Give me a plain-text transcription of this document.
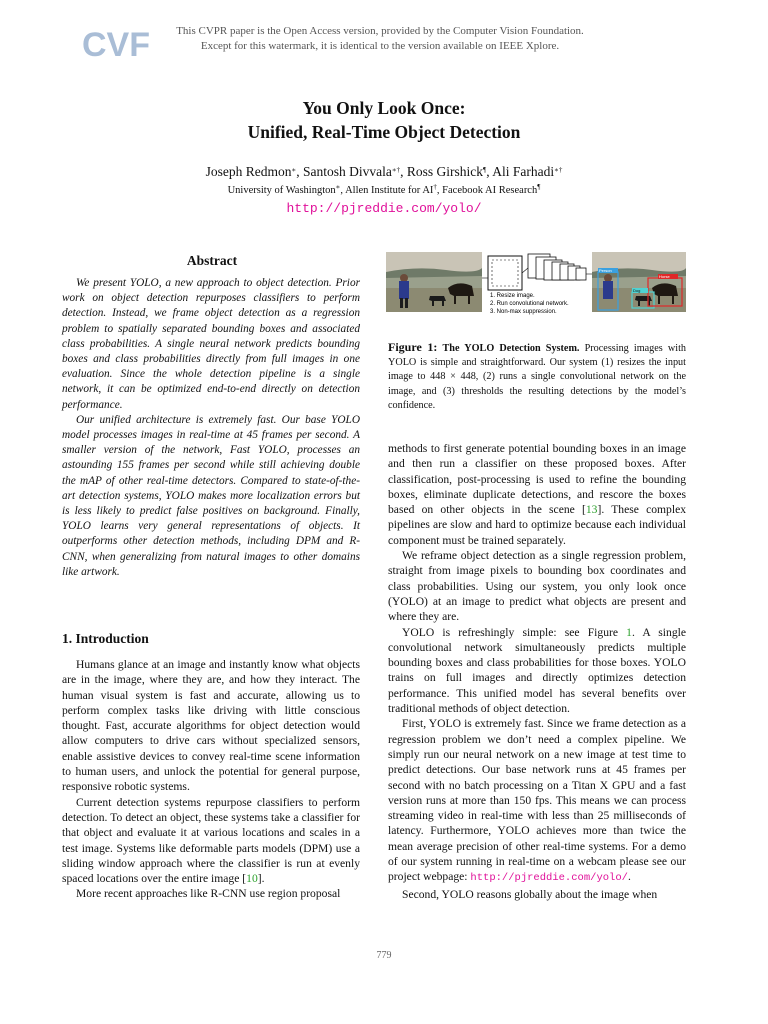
CVF	This CVPR paper is the Open Access version, provided by the Computer Vision Foundation.
Except for this watermark, it is identical to the version available on IEEE Xplore.
You Only Look Once:
Unified, Real-Time Object Detection
Joseph Redmon∗, Santosh Divvala∗†, Ross Girshick¶, Ali Farhadi∗†
University of Washington∗, Allen Institute for AI†, Facebook AI Research¶
http://pjreddie.com/yolo/
Abstract

We present YOLO, a new approach to object detection. Prior work on object detection repurposes classifiers to perform detection. Instead, we frame object detection as a regression problem to spatially separated bounding boxes and associated class probabilities. A single neural network predicts bounding boxes and class probabilities directly from full images in one evaluation. Since the whole detection pipeline is a single network, it can be optimized end-to-end directly on detection performance.

Our unified architecture is extremely fast. Our base YOLO model processes images in real-time at 45 frames per second. A smaller version of the network, Fast YOLO, processes an astounding 155 frames per second while still achieving double the mAP of other real-time detectors. Compared to state-of-the-art detection systems, YOLO makes more localization errors but is less likely to predict false positives on background. Finally, YOLO learns very general representations of objects. It outperforms other detection methods, including DPM and R-CNN, when generalizing from natural images to other domains like artwork.

1. Resize image.
2. Run convolutional network.
3. Non-max suppression.
Person
Dog
Horse
Figure 1: The YOLO Detection System. Processing images with YOLO is simple and straightforward. Our system (1) resizes the input image to 448 × 448, (2) runs a single convolutional network on the image, and (3) thresholds the resulting detections by the model’s confidence.
1. Introduction

Humans glance at an image and instantly know what objects are in the image, where they are, and how they interact. The human visual system is fast and accurate, allowing us to perform complex tasks like driving with little conscious thought. Fast, accurate algorithms for object detection would allow computers to drive cars without specialized sensors, enable assistive devices to convey real-time scene information to human users, and unlock the potential for general purpose, responsive robotic systems.

Current detection systems repurpose classifiers to perform detection. To detect an object, these systems take a classifier for that object and evaluate it at various locations and scales in a test image. Systems like deformable parts models (DPM) use a sliding window approach where the classifier is run at evenly spaced locations over the entire image [10].

More recent approaches like R-CNN use region proposal

methods to first generate potential bounding boxes in an image and then run a classifier on these proposed boxes. After classification, post-processing is used to refine the bounding boxes, eliminate duplicate detections, and rescore the boxes based on other objects in the scene [13]. These complex pipelines are slow and hard to optimize because each individual component must be trained separately.

We reframe object detection as a single regression problem, straight from image pixels to bounding box coordinates and class probabilities. Using our system, you only look once (YOLO) at an image to predict what objects are present and where they are.

YOLO is refreshingly simple: see Figure 1. A single convolutional network simultaneously predicts multiple bounding boxes and class probabilities for those boxes. YOLO trains on full images and directly optimizes detection performance. This unified model has several benefits over traditional methods of object detection.

First, YOLO is extremely fast. Since we frame detection as a regression problem we don’t need a complex pipeline. We simply run our neural network on a new image at test time to predict detections. Our base network runs at 45 frames per second with no batch processing on a Titan X GPU and a fast version runs at more than 150 fps. This means we can process streaming video in real-time with less than 25 milliseconds of latency. Furthermore, YOLO achieves more than twice the mean average precision of other real-time systems. For a demo of our system running in real-time on a webcam please see our project webpage: http://pjreddie.com/yolo/.

Second, YOLO reasons globally about the image when

779
